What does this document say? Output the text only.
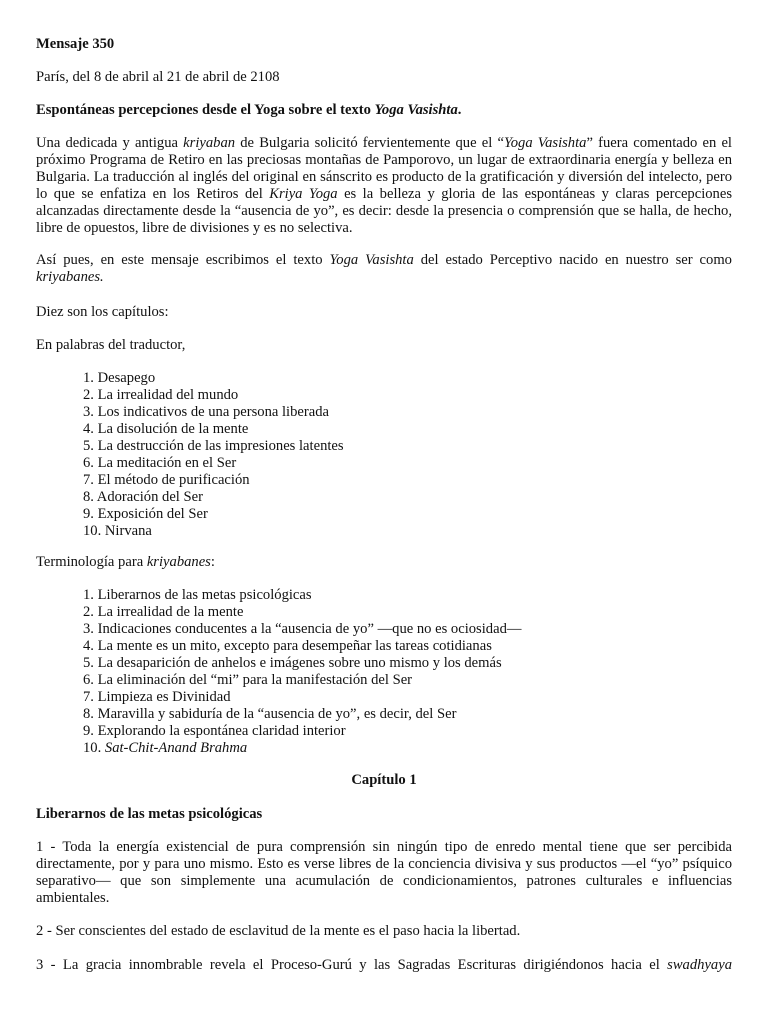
Mensaje 350

París, del 8 de abril al 21 de abril de 2108

Espontáneas percepciones desde el Yoga sobre el texto Yoga Vasishta.

Una dedicada y antigua kriyaban de Bulgaria solicitó fervientemente que el “Yoga Vasishta” fuera comentado en el próximo Programa de Retiro en las preciosas montañas de Pamporovo, un lugar de extraordinaria energía y belleza en Bulgaria. La traducción al inglés del original en sánscrito es producto de la gratificación y diversión del intelecto, pero lo que se enfatiza en los Retiros del Kriya Yoga es la belleza y gloria de las espontáneas y claras percepciones alcanzadas directamente desde la “ausencia de yo”, es decir: desde la presencia o comprensión que se halla, de hecho, libre de opuestos, libre de divisiones y es no selectiva.

Así pues, en este mensaje escribimos el texto Yoga Vasishta del estado Perceptivo nacido en nuestro ser como kriyabanes.

Diez son los capítulos:

En palabras del traductor,

1. Desapego
2. La irrealidad del mundo
3. Los indicativos de una persona liberada
4. La disolución de la mente
5. La destrucción de las impresiones latentes
6. La meditación en el Ser
7. El método de purificación
8. Adoración del Ser
9. Exposición del Ser
10. Nirvana

Terminología para kriyabanes:

1. Liberarnos de las metas psicológicas
2. La irrealidad de la mente
3. Indicaciones conducentes a la “ausencia de yo” —que no es ociosidad—
4. La mente es un mito, excepto para desempeñar las tareas cotidianas
5. La desaparición de anhelos e imágenes sobre uno mismo y los demás
6. La eliminación del “mi” para la manifestación del Ser
7. Limpieza es Divinidad
8. Maravilla y sabiduría de la “ausencia de yo”, es decir, del Ser
9. Explorando la espontánea claridad interior
10. Sat-Chit-Anand Brahma

Capítulo 1

Liberarnos de las metas psicológicas

1 - Toda la energía existencial de pura comprensión sin ningún tipo de enredo mental tiene que ser percibida directamente, por y para uno mismo. Esto es verse libres de la conciencia divisiva y sus productos —el “yo” psíquico separativo— que son simplemente una acumulación de condicionamientos, patrones culturales e influencias ambientales.

2 - Ser conscientes del estado de esclavitud de la mente es el paso hacia la libertad.

3 - La gracia innombrable revela el Proceso-Gurú y las Sagradas Escrituras dirigiéndonos hacia el swadhyaya
